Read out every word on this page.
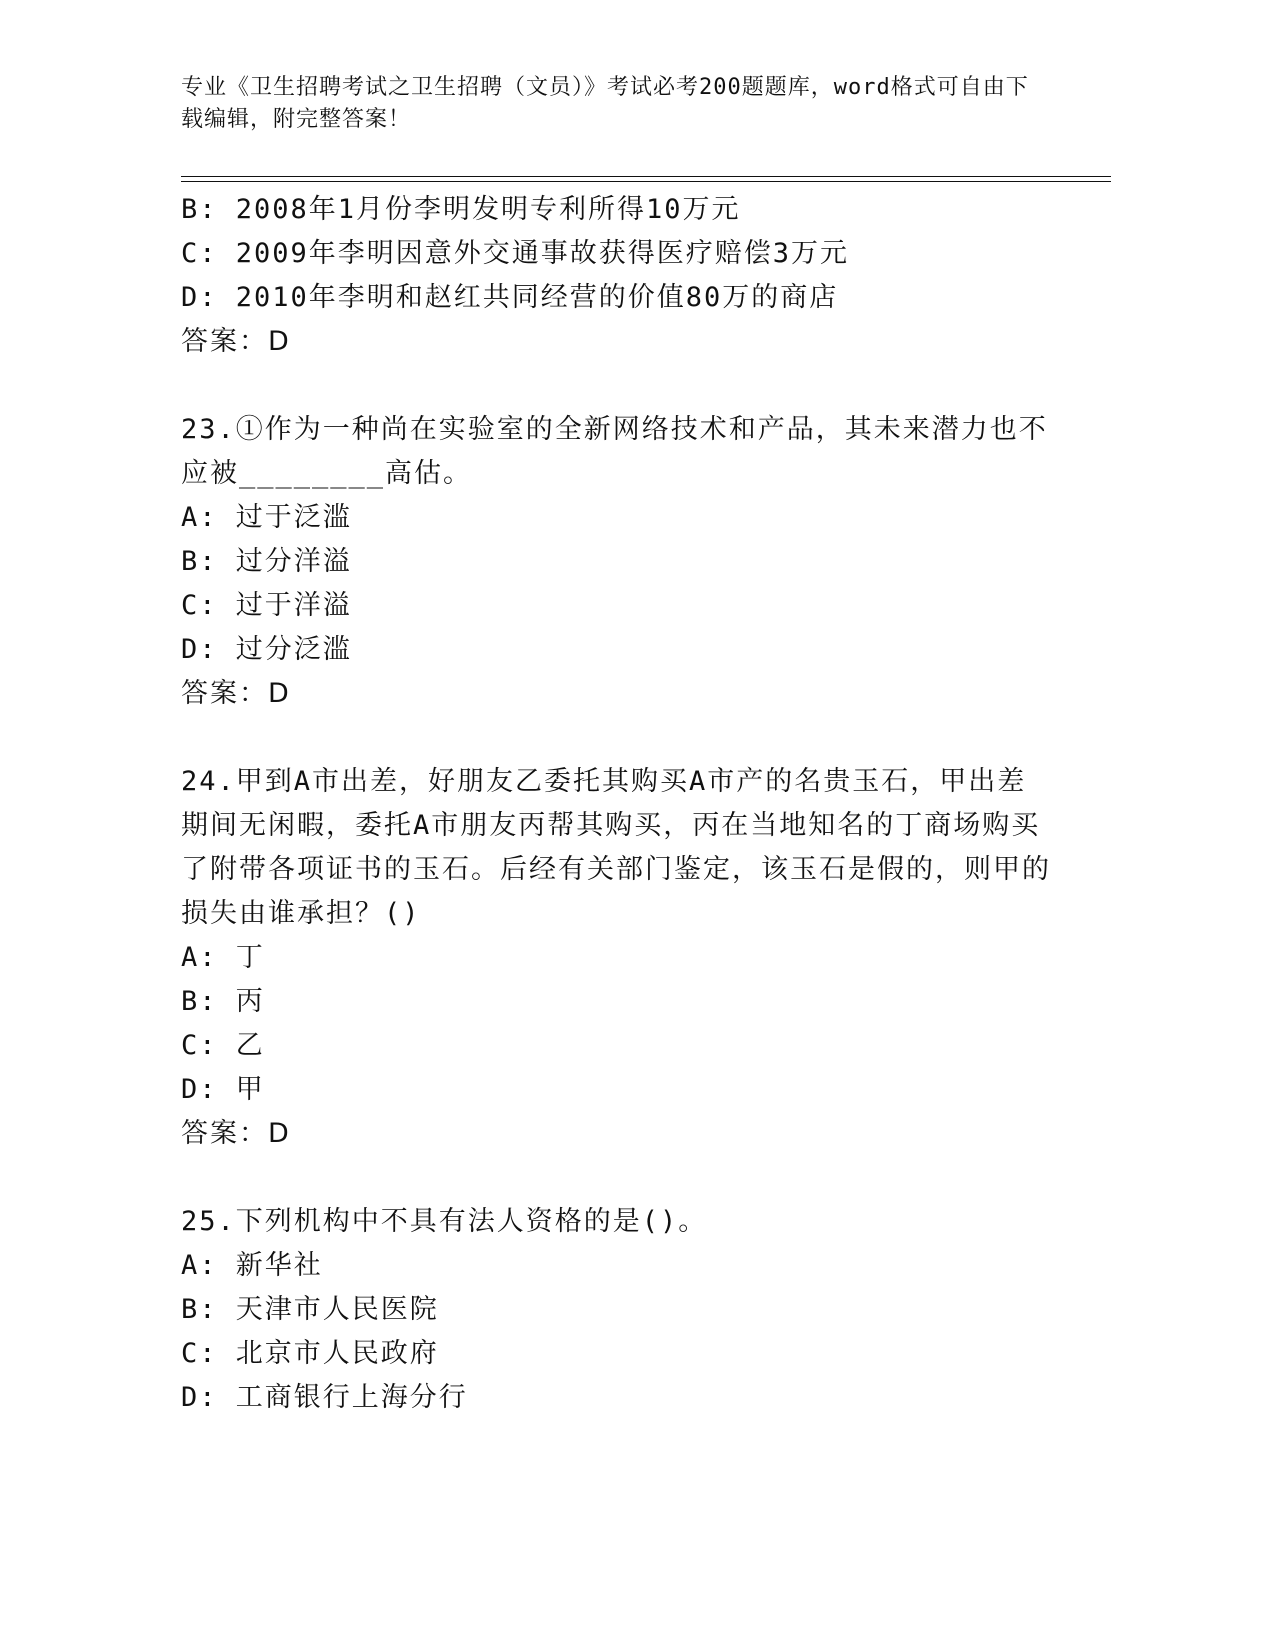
专业《卫生招聘考试之卫生招聘（文员）》考试必考200题题库，word格式可自由下载编辑，附完整答案！
B: 2008年1月份李明发明专利所得10万元
C: 2009年李明因意外交通事故获得医疗赔偿3万元
D: 2010年李明和赵红共同经营的价值80万的商店
答案：D
23.①作为一种尚在实验室的全新网络技术和产品，其未来潜力也不应被________高估。
A: 过于泛滥
B: 过分洋溢
C: 过于洋溢
D: 过分泛滥
答案：D
24.甲到A市出差，好朋友乙委托其购买A市产的名贵玉石，甲出差期间无闲暇，委托A市朋友丙帮其购买，丙在当地知名的丁商场购买了附带各项证书的玉石。后经有关部门鉴定，该玉石是假的，则甲的损失由谁承担？()
A: 丁
B: 丙
C: 乙
D: 甲
答案：D
25.下列机构中不具有法人资格的是()。
A: 新华社
B: 天津市人民医院
C: 北京市人民政府
D: 工商银行上海分行
